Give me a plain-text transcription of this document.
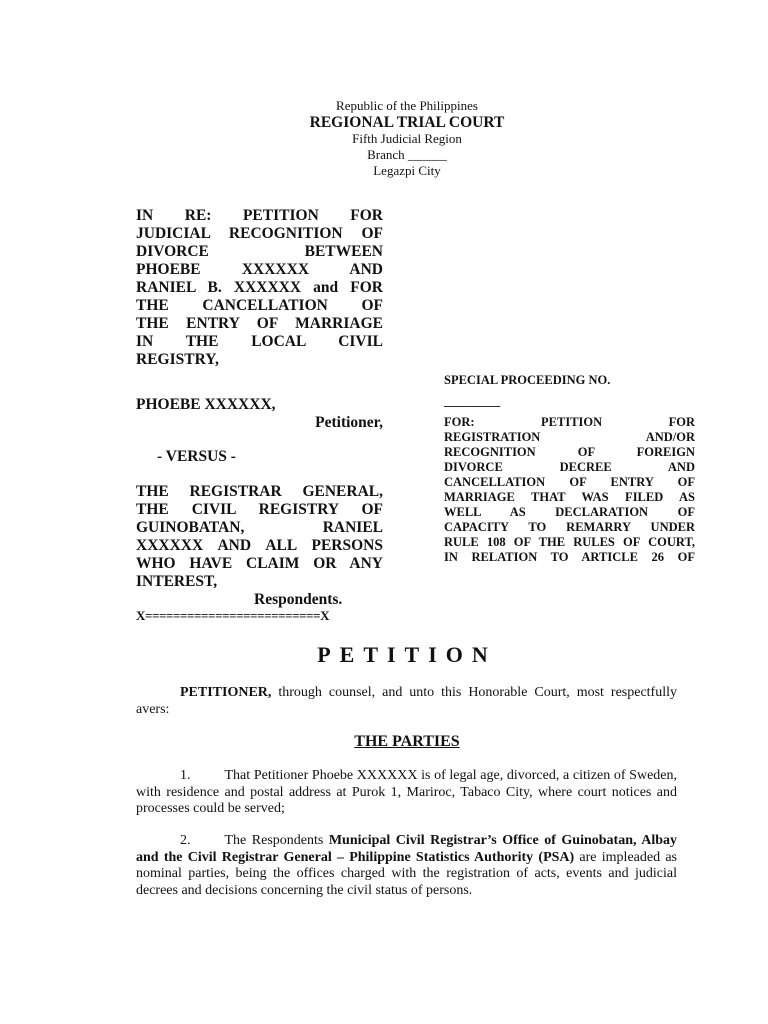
Republic of the Philippines
REGIONAL TRIAL COURT
Fifth Judicial Region
Branch ______
Legazpi City
IN RE: PETITION FOR
JUDICIAL RECOGNITION OF
DIVORCE BETWEEN
PHOEBE XXXXXX AND
RANIEL B. XXXXXX and FOR
THE CANCELLATION OF
THE ENTRY OF MARRIAGE
IN THE LOCAL CIVIL
REGISTRY,
PHOEBE XXXXXX,
Petitioner,
- VERSUS -
THE REGISTRAR GENERAL,
THE CIVIL REGISTRY OF
GUINOBATAN, RANIEL
XXXXXX AND ALL PERSONS
WHO HAVE CLAIM OR ANY
INTEREST,
Respondents.
X=========================X
SPECIAL PROCEEDING NO.
_________
FOR: PETITION FOR
REGISTRATION AND/OR
RECOGNITION OF FOREIGN
DIVORCE DECREE AND
CANCELLATION OF ENTRY OF
MARRIAGE THAT WAS FILED AS
WELL AS DECLARATION OF
CAPACITY TO REMARRY UNDER
RULE 108 OF THE RULES OF COURT,
IN RELATION TO ARTICLE 26 OF
PETITION
PETITIONER, through counsel, and unto this Honorable Court, most respectfully avers:
THE PARTIES
1. That Petitioner Phoebe XXXXXX is of legal age, divorced, a citizen of Sweden, with residence and postal address at Purok 1, Mariroc, Tabaco City, where court notices and processes could be served;
2. The Respondents Municipal Civil Registrar’s Office of Guinobatan, Albay and the Civil Registrar General – Philippine Statistics Authority (PSA) are impleaded as nominal parties, being the offices charged with the registration of acts, events and judicial decrees and decisions concerning the civil status of persons.
